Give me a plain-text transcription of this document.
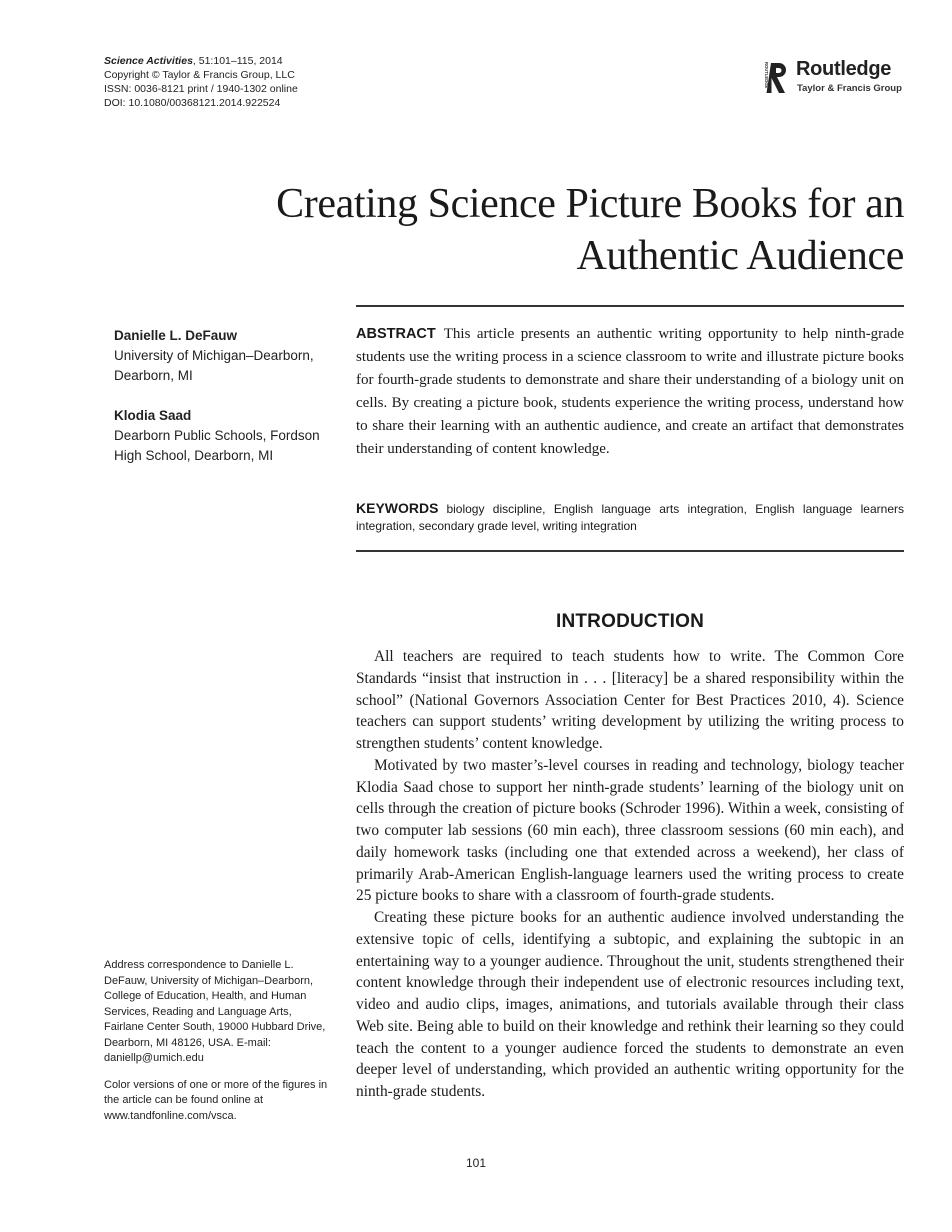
Science Activities, 51:101–115, 2014
Copyright © Taylor & Francis Group, LLC
ISSN: 0036-8121 print / 1940-1302 online
DOI: 10.1080/00368121.2014.922524
ROUTLEDGE Routledge
Taylor & Francis Group
Creating Science Picture Books for an
Authentic Audience
Danielle L. DeFauw
University of Michigan–Dearborn,
Dearborn, MI
Klodia Saad
Dearborn Public Schools, Fordson
High School, Dearborn, MI

ABSTRACT This article presents an authentic writing opportunity to help ninth-grade students use the writing process in a science classroom to write and illustrate picture books for fourth-grade students to demonstrate and share their understanding of a biology unit on cells. By creating a picture book, students experience the writing process, understand how to share their learning with an authentic audience, and create an artifact that demonstrates their understanding of content knowledge.

KEYWORDS biology discipline, English language arts integration, English language learners integration, secondary grade level, writing integration

INTRODUCTION

All teachers are required to teach students how to write. The Common Core Standards “insist that instruction in . . . [literacy] be a shared responsibility within the school” (National Governors Association Center for Best Practices 2010, 4). Science teachers can support students’ writing development by utilizing the writing process to strengthen students’ content knowledge.

Motivated by two master’s-level courses in reading and technology, biology teacher Klodia Saad chose to support her ninth-grade students’ learning of the biology unit on cells through the creation of picture books (Schroder 1996). Within a week, consisting of two computer lab sessions (60 min each), three classroom sessions (60 min each), and daily homework tasks (including one that extended across a weekend), her class of primarily Arab-American English-language learners used the writing process to create 25 picture books to share with a classroom of fourth-grade students.

Creating these picture books for an authentic audience involved understanding the extensive topic of cells, identifying a subtopic, and explaining the subtopic in an entertaining way to a younger audience. Throughout the unit, students strengthened their content knowledge through their independent use of electronic resources including text, video and audio clips, images, animations, and tutorials available through their class Web site. Being able to build on their knowledge and rethink their learning so they could teach the content to a younger audience forced the students to demonstrate an even deeper level of understanding, which provided an authentic writing opportunity for the ninth-grade students.

Address correspondence to Danielle L. DeFauw, University of Michigan–Dearborn, College of Education, Health, and Human Services, Reading and Language Arts, Fairlane Center South, 19000 Hubbard Drive, Dearborn, MI 48126, USA. E-mail: daniellp@umich.edu

Color versions of one or more of the figures in the article can be found online at www.tandfonline.com/vsca.

101
